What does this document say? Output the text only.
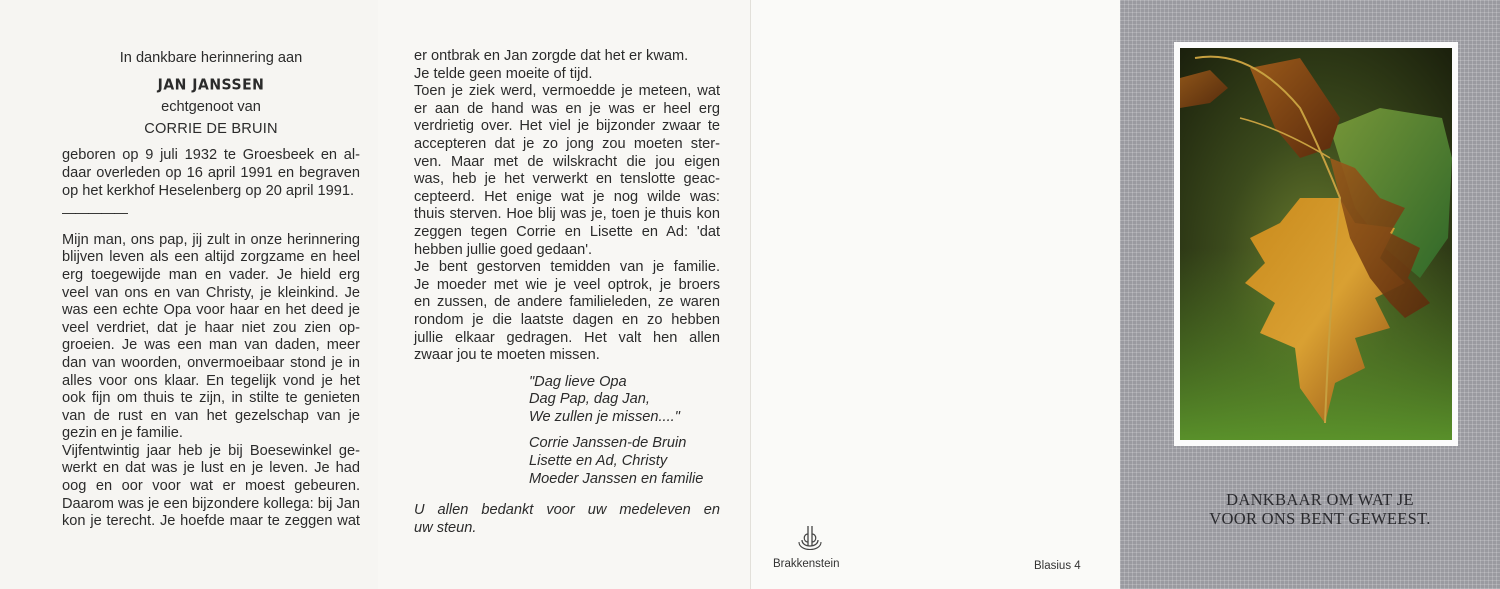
In dankbare herinnering aan
JAN JANSSEN
echtgenoot van
CORRIE DE BRUIN
geboren op 9 juli 1932 te Groesbeek en al-
daar overleden op 16 april 1991 en begraven
op het kerkhof Heselenberg op 20 april 1991.
—————
Mijn man, ons pap, jij zult in onze herinnering
blijven leven als een altijd zorgzame en heel
erg toegewijde man en vader. Je hield erg
veel van ons en van Christy, je kleinkind. Je
was een echte Opa voor haar en het deed je
veel verdriet, dat je haar niet zou zien op-
groeien. Je was een man van daden, meer
dan van woorden, onvermoeibaar stond je in
alles voor ons klaar. En tegelijk vond je het
ook fijn om thuis te zijn, in stilte te genieten
van de rust en van het gezelschap van je
gezin en je familie.
Vijfentwintig jaar heb je bij Boesewinkel ge-
werkt en dat was je lust en je leven. Je had
oog en oor voor wat er moest gebeuren.
Daarom was je een bijzondere kollega: bij Jan
kon je terecht. Je hoefde maar te zeggen wat
er ontbrak en Jan zorgde dat het er kwam.
Je telde geen moeite of tijd.
Toen je ziek werd, vermoedde je meteen, wat
er aan de hand was en je was er heel erg
verdrietig over. Het viel je bijzonder zwaar te
accepteren dat je zo jong zou moeten ster-
ven. Maar met de wilskracht die jou eigen
was, heb je het verwerkt en tenslotte geac-
cepteerd. Het enige wat je nog wilde was:
thuis sterven. Hoe blij was je, toen je thuis kon
zeggen tegen Corrie en Lisette en Ad: 'dat
hebben jullie goed gedaan'.
Je bent gestorven temidden van je familie.
Je moeder met wie je veel optrok, je broers
en zussen, de andere familieleden, ze waren
rondom je die laatste dagen en zo hebben
jullie elkaar gedragen. Het valt hen allen
zwaar jou te moeten missen.
"Dag lieve Opa
Dag Pap, dag Jan,
We zullen je missen...."
Corrie Janssen-de Bruin
Lisette en Ad, Christy
Moeder Janssen en familie
U allen bedankt voor uw medeleven en
uw steun.
Brakkenstein	Blasius 4
DANKBAAR OM WAT JE
VOOR ONS BENT GEWEEST.
